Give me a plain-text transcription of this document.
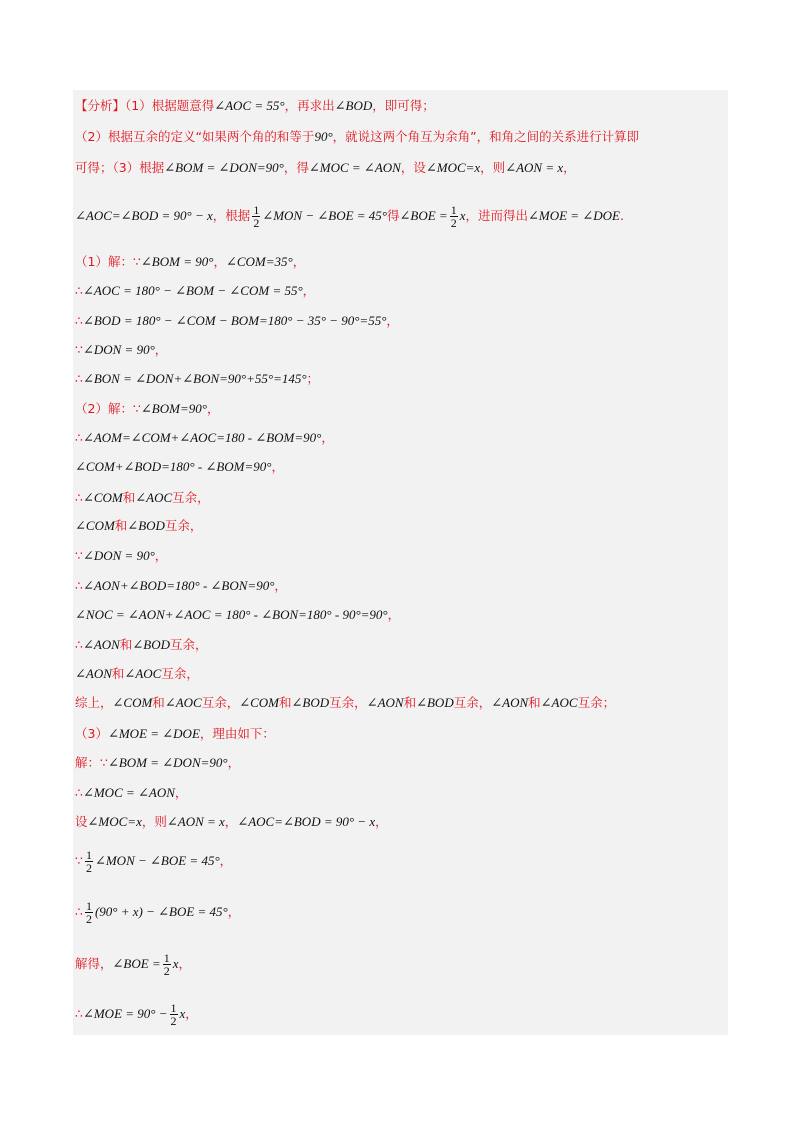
【分析】（1）根据题意得∠AOC = 55°，再求出∠BOD，即可得；
（2）根据互余的定义“如果两个角的和等于90°，就说这两个角互为余角”，和角之间的关系进行计算即
可得；（3）根据∠BOM = ∠DON=90°，得∠MOC = ∠AON，设∠MOC=x，则∠AON = x，
∠AOC=∠BOD = 90° − x，根据 $\frac{1}{2}$ ∠MON − ∠BOE = 45°得∠BOE = $\frac{1}{2}$ x，进而得出∠MOE = ∠DOE.
（1）解：∵∠BOM = 90°，∠COM=35°，
∴∠AOC = 180° − ∠BOM − ∠COM = 55°，
∴∠BOD = 180° − ∠COM − BOM=180° − 35° − 90°=55°，
∵∠DON = 90°，
∴∠BON = ∠DON+∠BON=90°+55°=145°；
（2）解：∵∠BOM=90°，
∴∠AOM=∠COM+∠AOC=180 - ∠BOM=90°，
∠COM+∠BOD=180° - ∠BOM=90°，
∴∠COM和∠AOC互余，
∠COM和∠BOD互余，
∵∠DON = 90°，
∴∠AON+∠BOD=180° - ∠BON=90°，
∠NOC = ∠AON+∠AOC = 180° - ∠BON=180° - 90°=90°，
∴∠AON和∠BOD互余，
∠AON和∠AOC互余，
综上，∠COM和∠AOC互余，∠COM和∠BOD互余，∠AON和∠BOD互余，∠AON和∠AOC互余；
（3）∠MOE = ∠DOE，理由如下：
解：∵∠BOM = ∠DON=90°，
∴∠MOC = ∠AON，
设∠MOC=x，则∠AON = x，∠AOC=∠BOD = 90° − x，
∵ $\frac{1}{2}$ ∠MON − ∠BOE = 45°，
∴ $\frac{1}{2} (90^\circ + x)$ − ∠BOE = 45°，
解得，∠BOE = $\frac{1}{2}$ x，
∴∠MOE = $90^\circ - \frac{1}{2}$ x，
